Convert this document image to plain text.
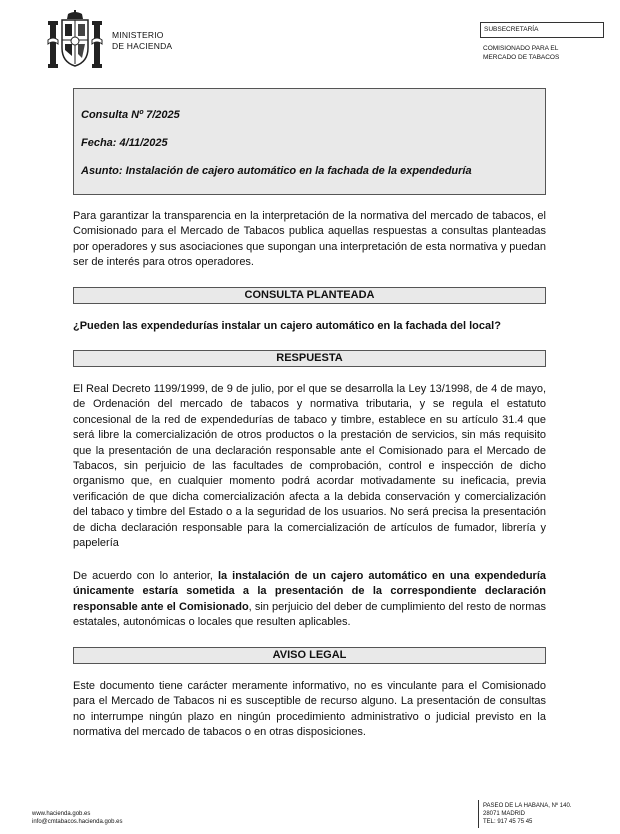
MINISTERIO
DE HACIENDA
SUBSECRETARÍA
COMISIONADO PARA EL
MERCADO DE TABACOS

Consulta Nº 7/2025

Fecha: 4/11/2025

Asunto: Instalación de cajero automático en la fachada de la expendeduría

Para garantizar la transparencia en la interpretación de la normativa del mercado de tabacos, el Comisionado para el Mercado de Tabacos publica aquellas respuestas a consultas planteadas por operadores y sus asociaciones que supongan una interpretación de esta normativa y puedan ser de interés para otros operadores.

CONSULTA PLANTEADA
¿Pueden las expendedurías instalar un cajero automático en la fachada del local?
RESPUESTA

El Real Decreto 1199/1999, de 9 de julio, por el que se desarrolla la Ley 13/1998, de 4 de mayo, de Ordenación del mercado de tabacos y normativa tributaria, y se regula el estatuto concesional de la red de expendedurías de tabaco y timbre, establece en su artículo 31.4 que será libre la comercialización de otros productos o la prestación de servicios, sin más requisito que la presentación de una declaración responsable ante el Comisionado para el Mercado de Tabacos, sin perjuicio de las facultades de comprobación, control e inspección de dicho organismo que, en cualquier momento podrá acordar motivadamente su ineficacia, previa verificación de que dicha comercialización afecta a la debida conservación y comercialización del tabaco y timbre del Estado o a la seguridad de los usuarios. No será precisa la presentación de dicha declaración responsable para la comercialización de artículos de fumador, librería y papelería

De acuerdo con lo anterior, la instalación de un cajero automático en una expendeduría únicamente estaría sometida a la presentación de la correspondiente declaración responsable ante el Comisionado, sin perjuicio del deber de cumplimiento del resto de normas estatales, autonómicas o locales que resulten aplicables.

AVISO LEGAL

Este documento tiene carácter meramente informativo, no es vinculante para el Comisionado para el Mercado de Tabacos ni es susceptible de recurso alguno. La presentación de consultas no interrumpe ningún plazo en ningún procedimiento administrativo o judicial previsto en la normativa del mercado de tabacos o en otras disposiciones.

www.hacienda.gob.es
info@cmtabacos.hacienda.gob.es
PASEO DE LA HABANA, Nº 140.
28071 MADRID
TEL: 917 45 75 45
